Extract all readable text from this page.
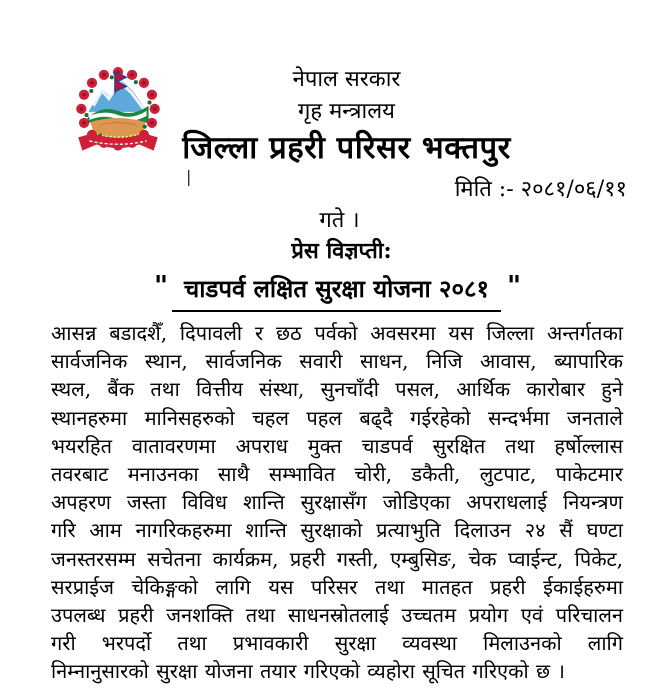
|
नेपाल सरकार
गृह मन्त्रालय
जिल्ला प्रहरी परिसर भक्तपुर
मिति :- २०८१/०६/११
गते ।
प्रेस विज्ञप्ती:
" चाडपर्व लक्षित सुरक्षा योजना २०८१ "
आसन्न बडादशैँ, दिपावली र छठ पर्वको अवसरमा यस जिल्ला अन्तर्गतका
सार्वजनिक स्थान, सार्वजनिक सवारी साधन, निजि आवास, ब्यापारिक
स्थल, बैंक तथा वित्तीय संस्था, सुनचाँदी पसल, आर्थिक कारोबार हुने
स्थानहरुमा मानिसहरुको चहल पहल बढ्दै गईरहेको सन्दर्भमा जनताले
भयरहित वातावरणमा अपराध मुक्त चाडपर्व सुरक्षित तथा हर्षोल्लास
तवरबाट मनाउनका साथै सम्भावित चोरी, डकैती, लुटपाट, पाकेटमार
अपहरण जस्ता विविध शान्ति सुरक्षासँग जोडिएका अपराधलाई नियन्त्रण
गरि आम नागरिकहरुमा शान्ति सुरक्षाको प्रत्याभुति दिलाउन २४ सैं घण्टा
जनस्तरसम्म सचेतना कार्यक्रम, प्रहरी गस्ती, एम्बुसिङ, चेक प्वाईन्ट, पिकेट,
सरप्राईज चेकिङ्गको लागि यस परिसर तथा मातहत प्रहरी ईकाईहरुमा
उपलब्ध प्रहरी जनशक्ति तथा साधनस्रोतलाई उच्चतम प्रयोग एवं परिचालन
गरी भरपर्दो तथा प्रभावकारी सुरक्षा व्यवस्था मिलाउनको लागि
निम्नानुसारको सुरक्षा योजना तयार गरिएको व्यहोरा सूचित गरिएको छ ।
